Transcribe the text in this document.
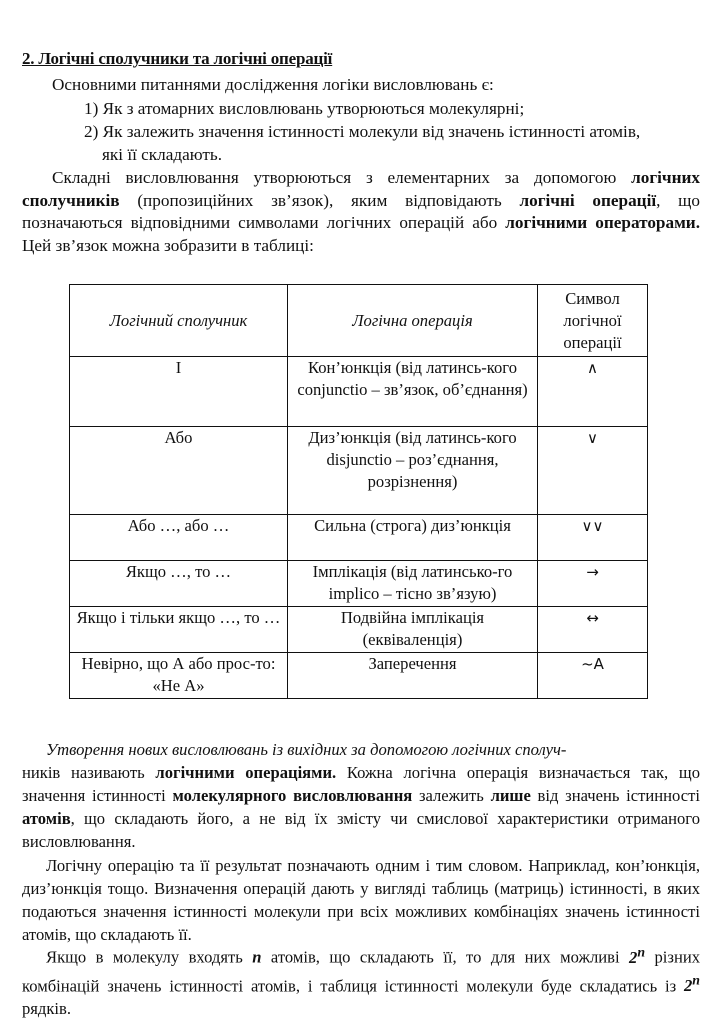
2. Логічні сполучники та логічні операції
Основними питаннями дослідження логіки висловлювань є:
1) Як з атомарних висловлювань утворюються молекулярні;
2) Як залежить значення істинності молекули від значень істинності атомів,
які її складають.
Складні висловлювання утворюються з елементарних за допомогою логічних сполучників (пропозиційних зв’язок), яким відповідають логічні операції, що позначаються відповідними символами логічних операцій або логічними операторами. Цей зв’язок можна зобразити в таблиці:
Логічний сполучник	Логічна операція	Символ логічної операції
І	Кон’юнкція (від латинсь-кого conjunctio – зв’язок, об’єднання)	∧
Або	Диз’юнкція (від латинсь-кого disjunctio – роз’єднання, розрізнення)	∨
Або …, або …	Сильна (строга) диз’юнкція	∨∨
Якщо …, то …	Імплікація (від латинсько-го implico – тісно зв’язую)	→
Якщо і тільки якщо …, то …	Подвійна імплікація (еквіваленція)	↔
Невірно, що А або прос-то: «Не А»	Заперечення	~A
Утворення нових висловлювань із вихідних за допомогою логічних сполуч-
ників називають логічними операціями. Кожна логічна операція визначається так, що значення істинності молекулярного висловлювання залежить лише від значень істинності атомів, що складають його, а не від їх змісту чи смислової характеристики отриманого висловлювання.
Логічну операцію та її результат позначають одним і тим словом. Наприклад, кон’юнкція, диз’юнкція тощо. Визначення операцій дають у вигляді таблиць (матриць) істинності, в яких подаються значення істинності молекули при всіх можливих комбінаціях значень істинності атомів, що складають її.
Якщо в молекулу входять n атомів, що складають її, то для них можливі 2$^n$ різних комбінацій значень істинності атомів, і таблиця істинності молекули буде складатись із 2$^n$ рядків.
